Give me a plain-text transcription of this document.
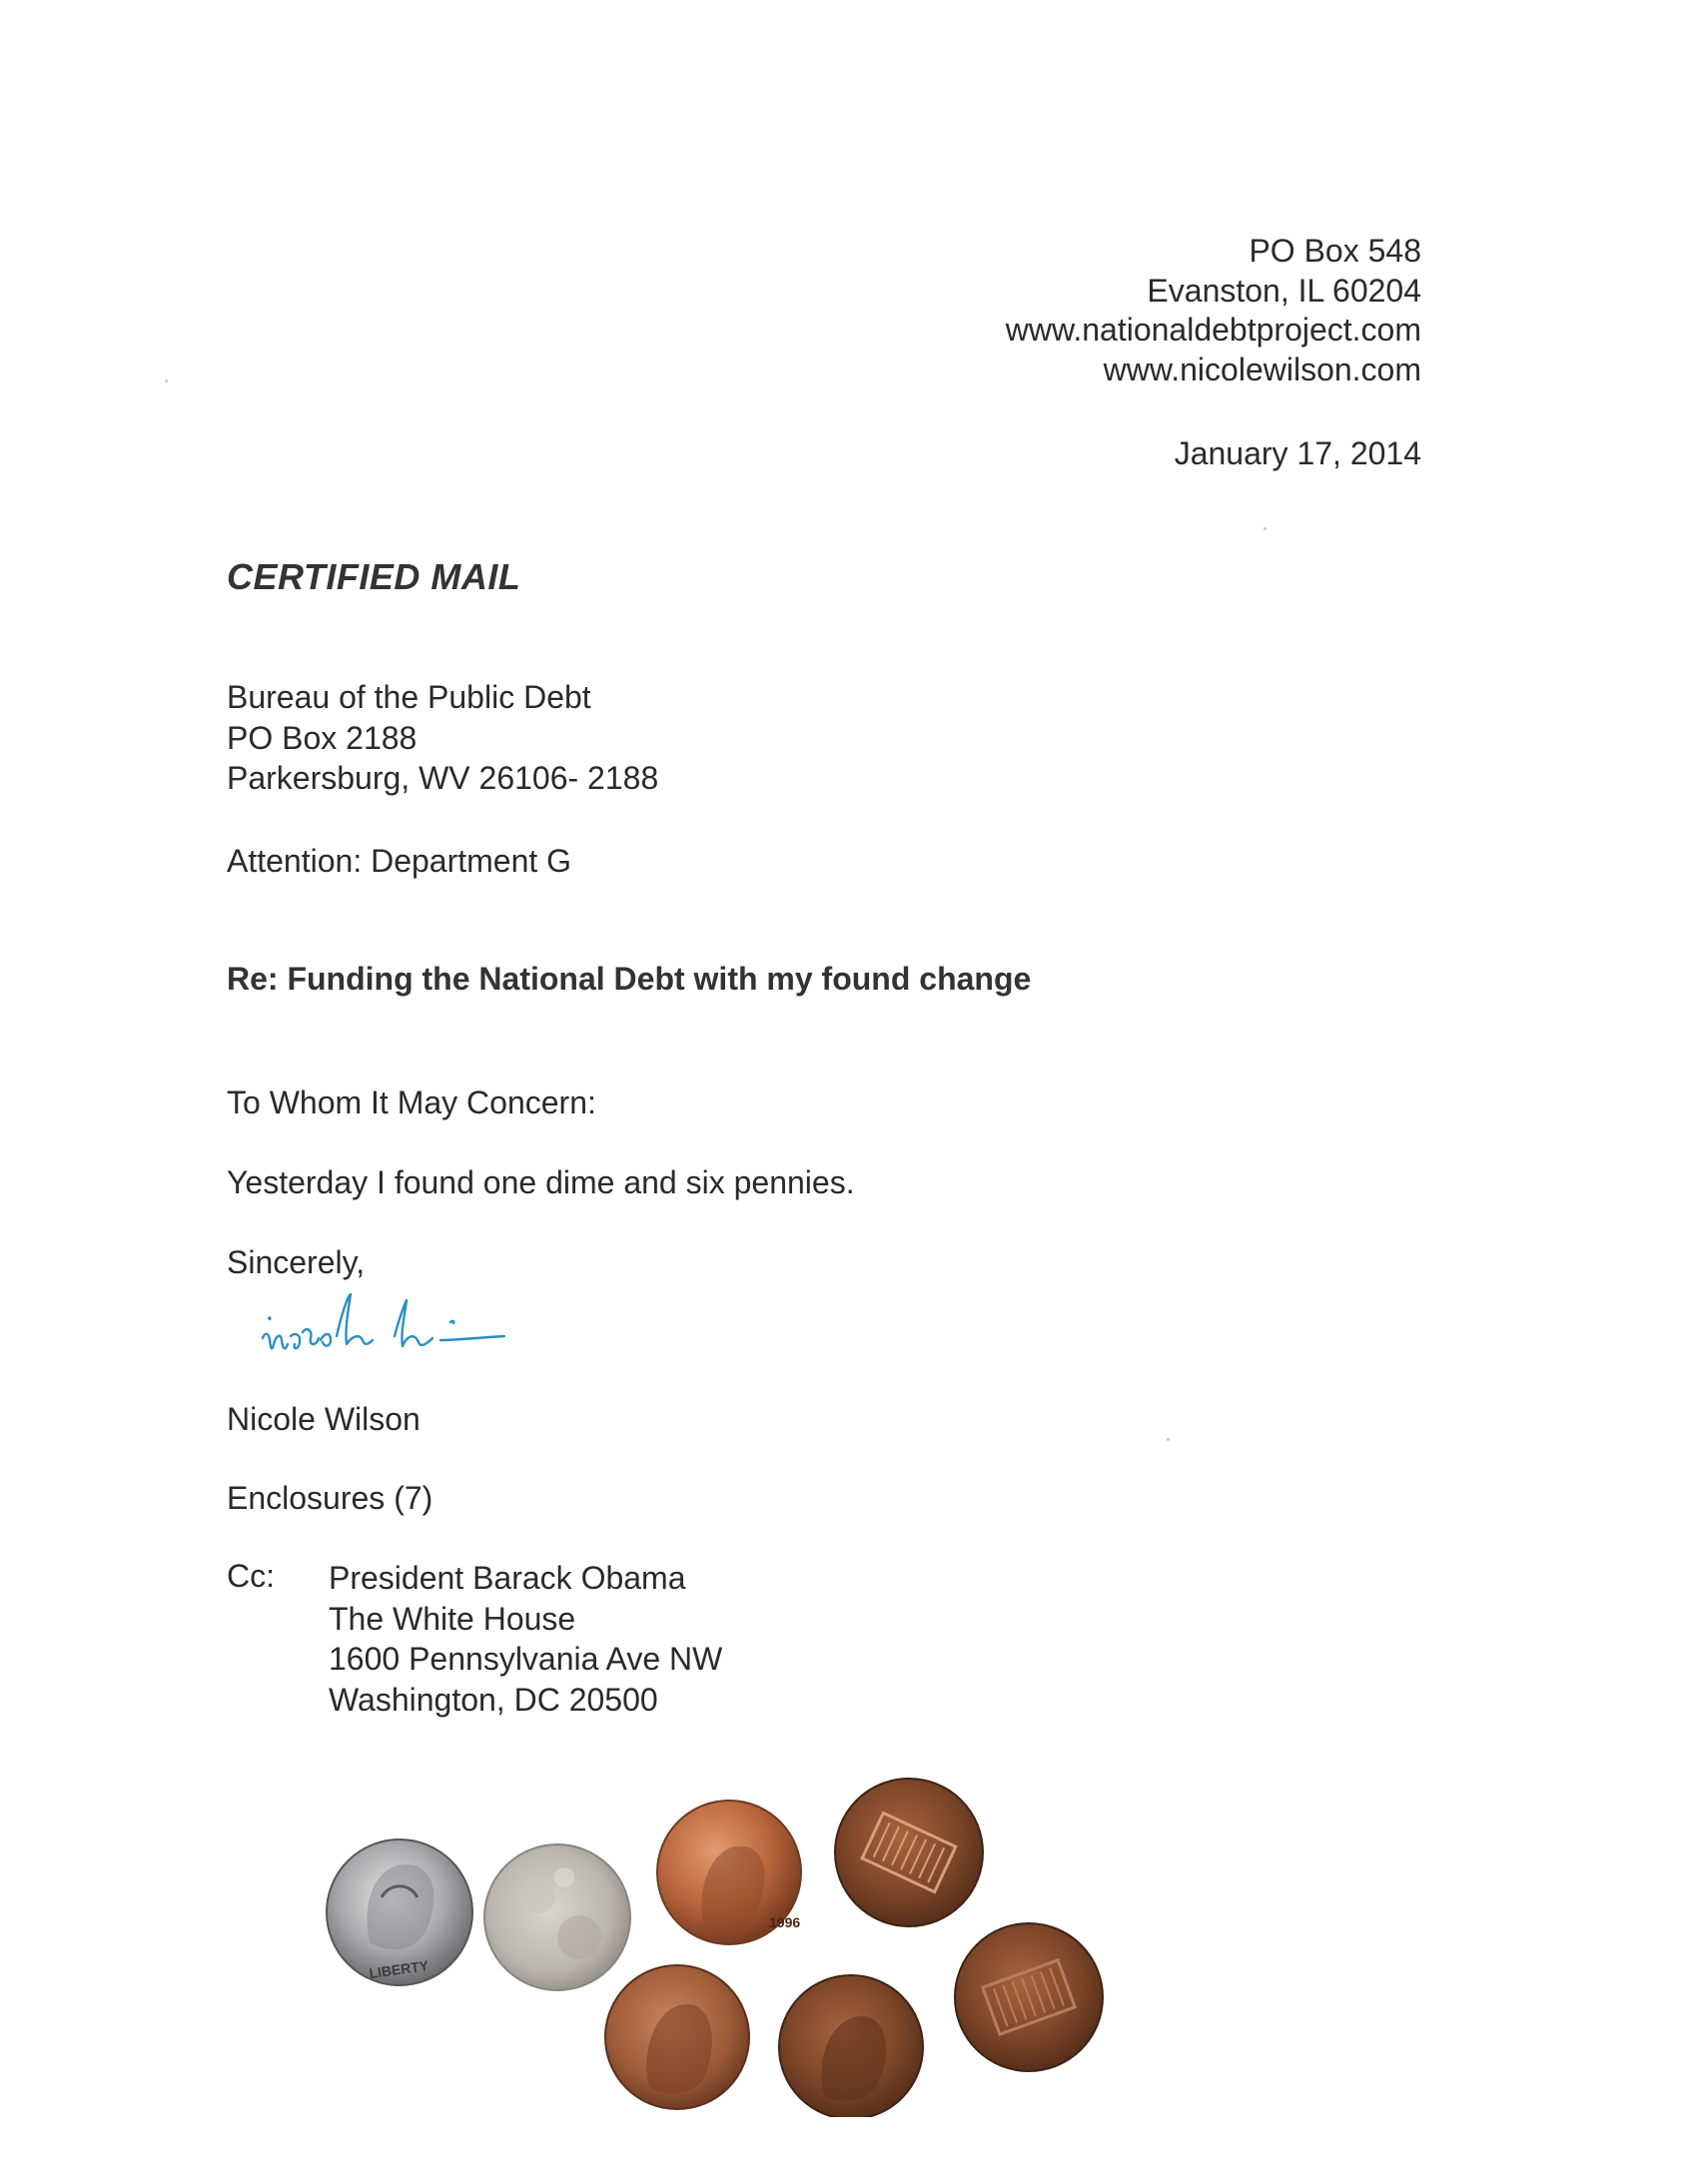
PO Box 548
Evanston, IL 60204
www.nationaldebtproject.com
www.nicolewilson.com
January 17, 2014
CERTIFIED MAIL
Bureau of the Public Debt
PO Box 2188
Parkersburg, WV 26106- 2188
Attention: Department G
Re: Funding the National Debt with my found change
To Whom It May Concern:
Yesterday I found one dime and six pennies.
Sincerely,
Nicole Wilson
Enclosures (7)
Cc: President Barack Obama
The White House
1600 Pennsylvania Ave NW
Washington, DC 20500
LIBERTY
1996
